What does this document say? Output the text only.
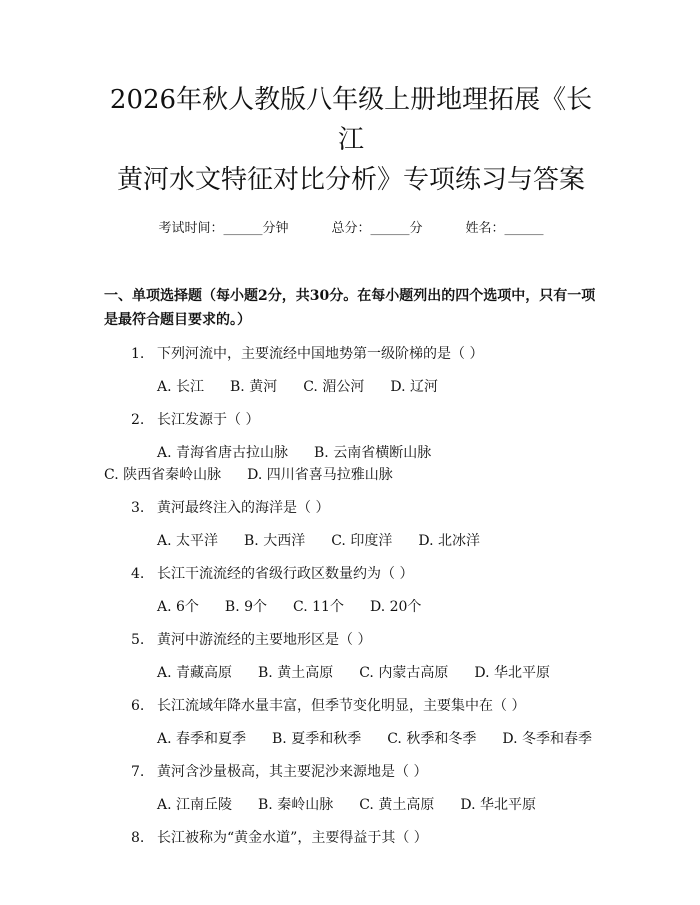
2026年秋人教版八年级上册地理拓展《长江
黄河水文特征对比分析》专项练习与答案
考试时间：______分钟	总分：______分	姓名：______
一、单项选择题（每小题2分，共30分。在每小题列出的四个选项中，只有一项是最符合题目要求的。）
1. 下列河流中，主要流经中国地势第一级阶梯的是（ ）
A. 长江 B. 黄河 C. 湄公河 D. 辽河
2. 长江发源于（ ）
A. 青海省唐古拉山脉 B. 云南省横断山脉C. 陕西省秦岭山脉 D. 四川省喜马拉雅山脉
3. 黄河最终注入的海洋是（ ）
A. 太平洋 B. 大西洋 C. 印度洋 D. 北冰洋
4. 长江干流流经的省级行政区数量约为（ ）
A. 6个 B. 9个 C. 11个 D. 20个
5. 黄河中游流经的主要地形区是（ ）
A. 青藏高原 B. 黄土高原 C. 内蒙古高原 D. 华北平原
6. 长江流域年降水量丰富，但季节变化明显，主要集中在（ ）
A. 春季和夏季 B. 夏季和秋季 C. 秋季和冬季 D. 冬季和春季
7. 黄河含沙量极高，其主要泥沙来源地是（ ）
A. 江南丘陵 B. 秦岭山脉 C. 黄土高原 D. 华北平原
8. 长江被称为“黄金水道”，主要得益于其（ ）
